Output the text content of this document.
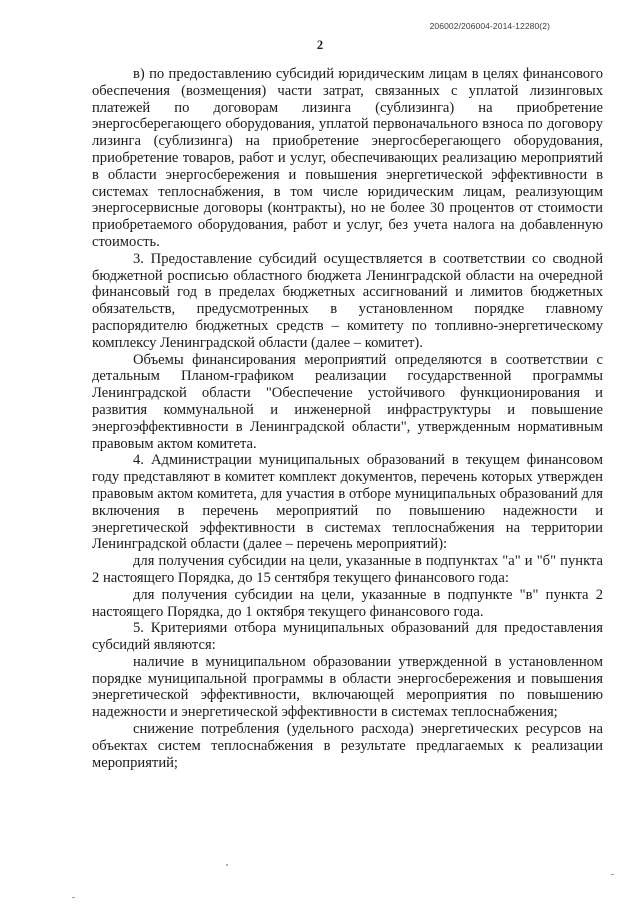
206002/206004-2014-12280(2)
2

в) по предоставлению субсидий юридическим лицам в целях финансового обеспечения (возмещения) части затрат, связанных с уплатой лизинговых платежей по договорам лизинга (сублизинга) на приобретение энергосберегающего оборудования, уплатой первоначального взноса по договору лизинга (сублизинга) на приобретение энергосберегающего оборудования, приобретение товаров, работ и услуг, обеспечивающих реализацию мероприятий в области энергосбережения и повышения энергетической эффективности в системах теплоснабжения, в том числе юридическим лицам, реализующим энергосервисные договоры (контракты), но не более 30 процентов от стоимости приобретаемого оборудования, работ и услуг, без учета налога на добавленную стоимость.

3. Предоставление субсидий осуществляется в соответствии со сводной бюджетной росписью областного бюджета Ленинградской области на очередной финансовый год в пределах бюджетных ассигнований и лимитов бюджетных обязательств, предусмотренных в установленном порядке главному распорядителю бюджетных средств – комитету по топливно-энергетическому комплексу Ленинградской области (далее – комитет).

Объемы финансирования мероприятий определяются в соответствии с детальным Планом-графиком реализации государственной программы Ленинградской области "Обеспечение устойчивого функционирования и развития коммунальной и инженерной инфраструктуры и повышение энергоэффективности в Ленинградской области", утвержденным нормативным правовым актом комитета.

4. Администрации муниципальных образований в текущем финансовом году представляют в комитет комплект документов, перечень которых утвержден правовым актом комитета, для участия в отборе муниципальных образований для включения в перечень мероприятий по повышению надежности и энергетической эффективности в системах теплоснабжения на территории Ленинградской области (далее – перечень мероприятий):

для получения субсидии на цели, указанные в подпунктах "а" и "б" пункта 2 настоящего Порядка, до 15 сентября текущего финансового года:

для получения субсидии на цели, указанные в подпункте "в" пункта 2 настоящего Порядка, до 1 октября текущего финансового года.

5. Критериями отбора муниципальных образований для предоставления субсидий являются:

наличие в муниципальном образовании утвержденной в установленном порядке муниципальной программы в области энергосбережения и повышения энергетической эффективности, включающей мероприятия по повышению надежности и энергетической эффективности в системах теплоснабжения;

снижение потребления (удельного расхода) энергетических ресурсов на объектах систем теплоснабжения в результате предлагаемых к реализации мероприятий;
